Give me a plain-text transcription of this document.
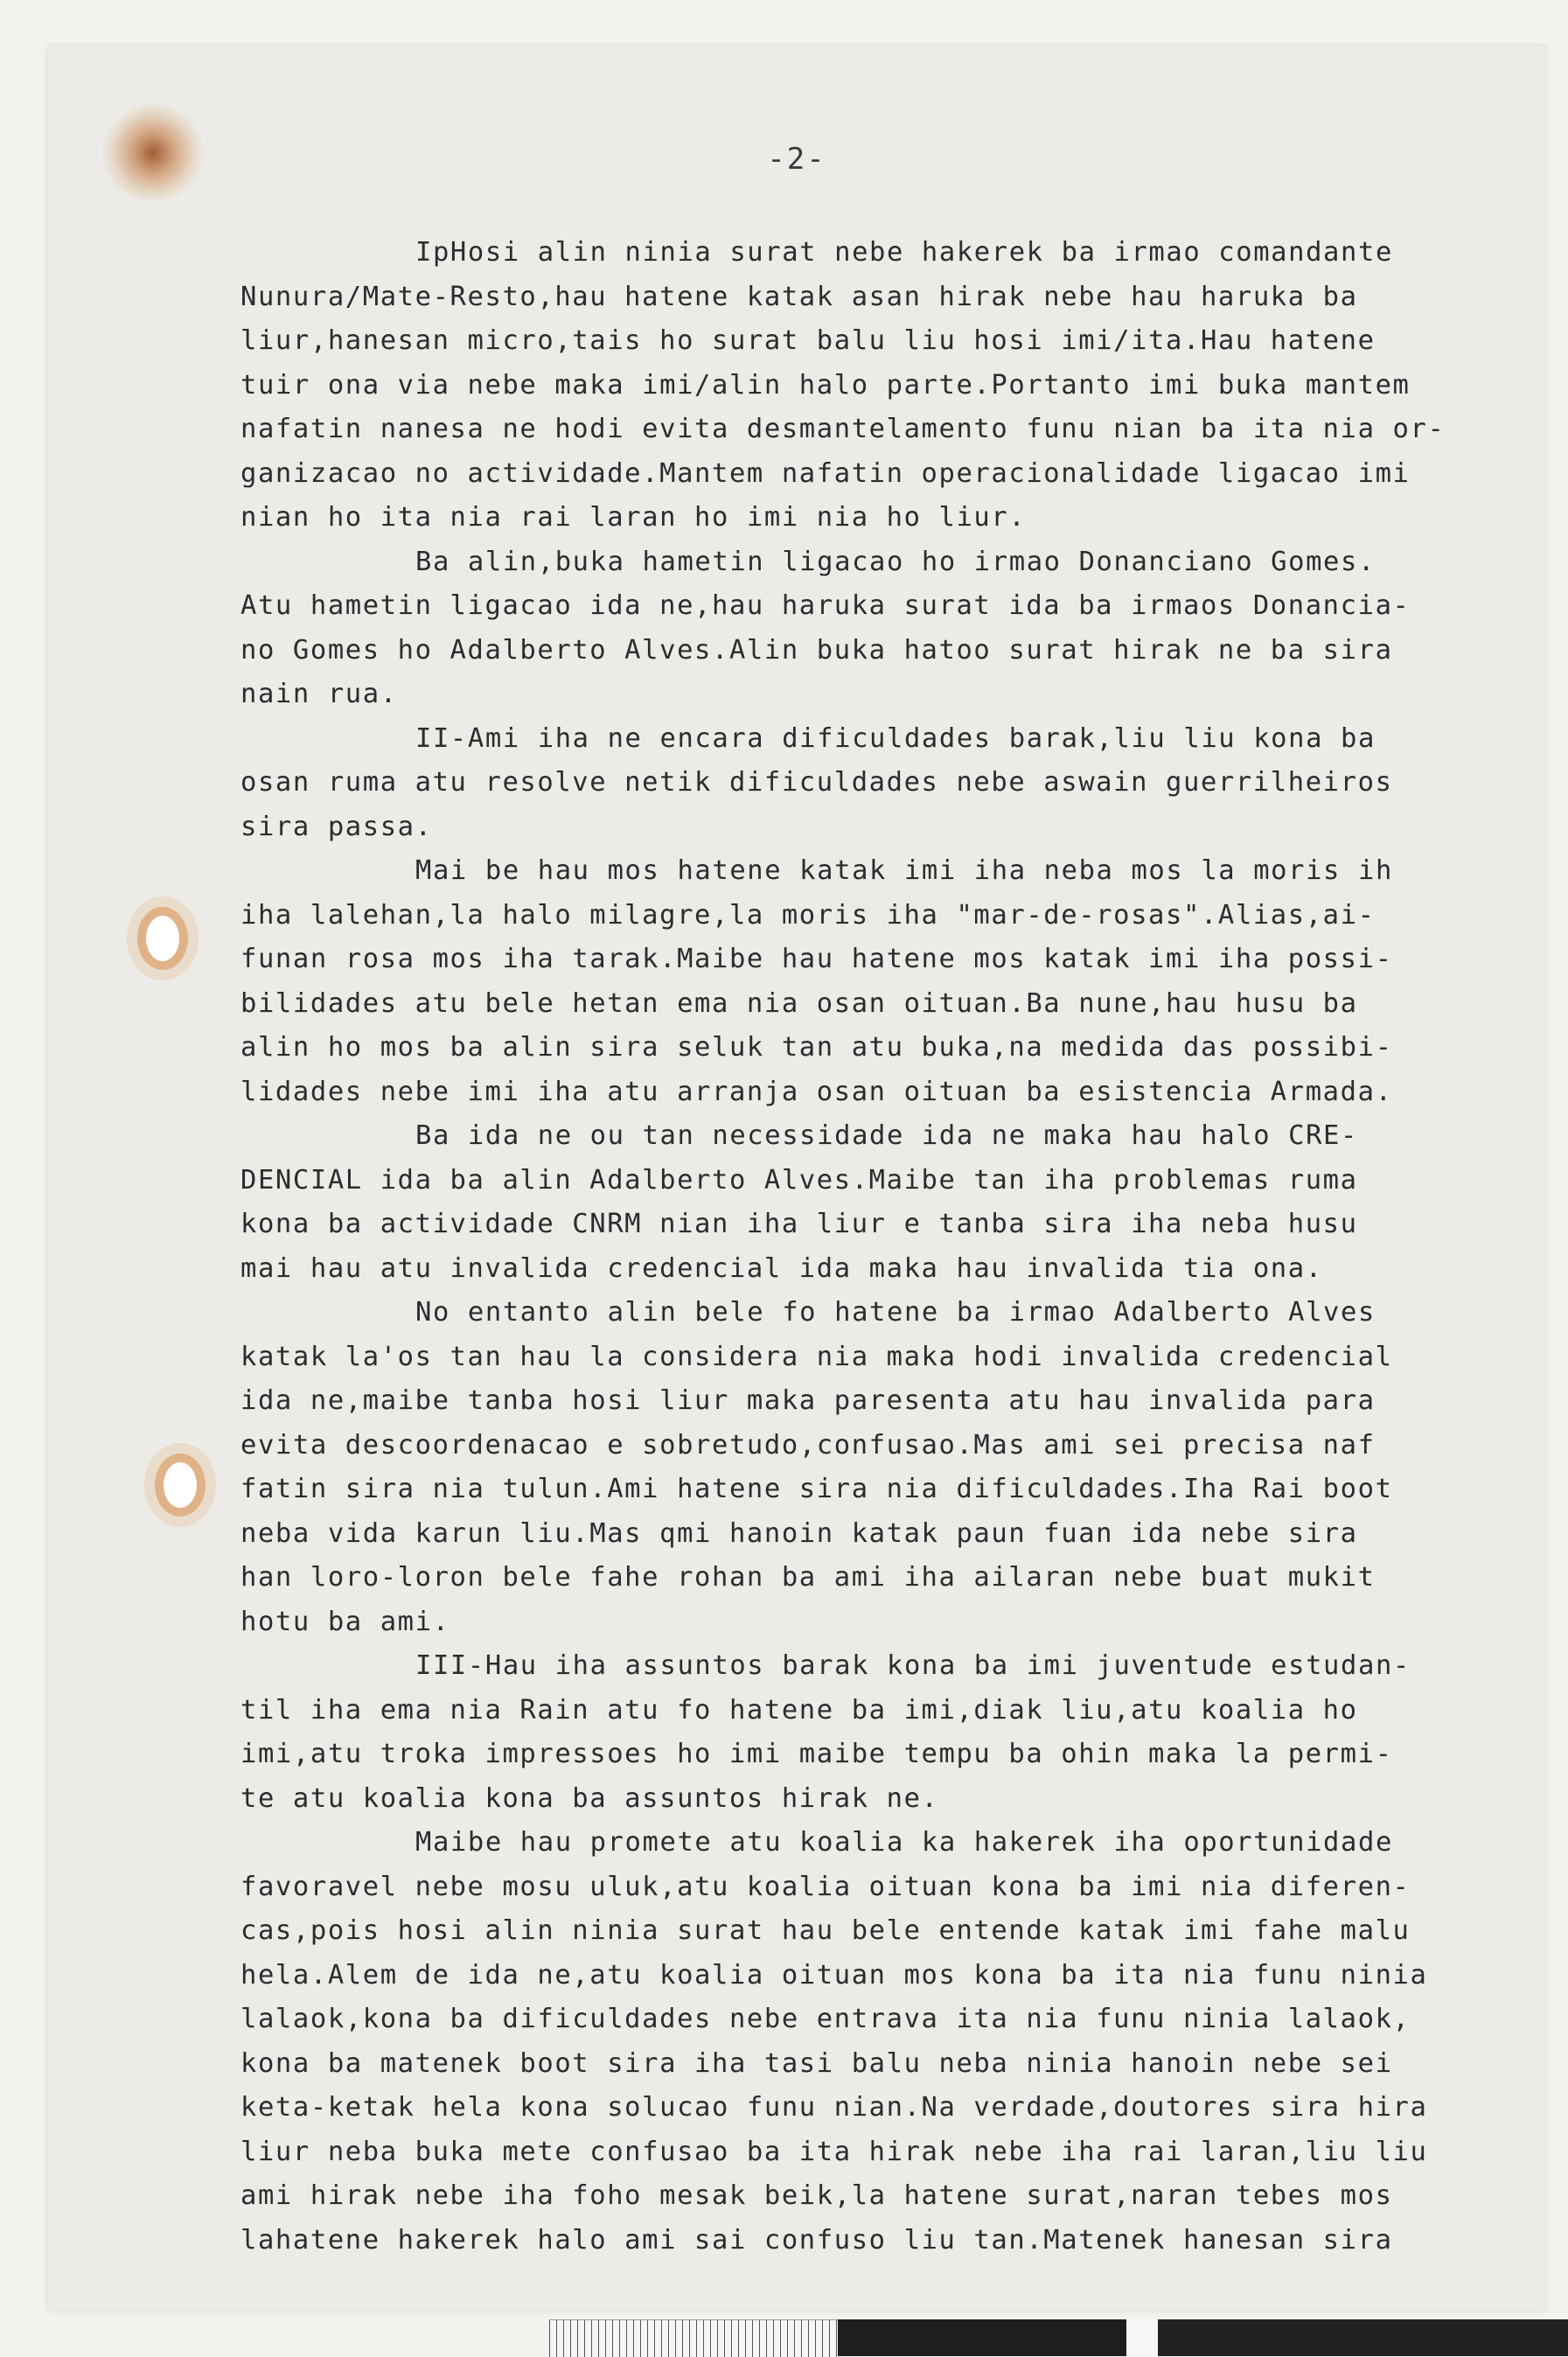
-2-
IpHosi alin ninia surat nebe hakerek ba irmao comandante
Nunura/Mate-Resto,hau hatene katak asan hirak nebe hau haruka ba
liur,hanesan micro,tais ho surat balu liu hosi imi/ita.Hau hatene
tuir ona via nebe maka imi/alin halo parte.Portanto imi buka mantem
nafatin nanesa ne hodi evita desmantelamento funu nian ba ita nia or-
ganizacao no actividade.Mantem nafatin operacionalidade ligacao imi
nian ho ita nia rai laran ho imi nia ho liur.
Ba alin,buka hametin ligacao ho irmao Donanciano Gomes.
Atu hametin ligacao ida ne,hau haruka surat ida ba irmaos Donancia-
no Gomes ho Adalberto Alves.Alin buka hatoo surat hirak ne ba sira
nain rua.
II-Ami iha ne encara dificuldades barak,liu liu kona ba
osan ruma atu resolve netik dificuldades nebe aswain guerrilheiros
sira passa.
Mai be hau mos hatene katak imi iha neba mos la moris ih
iha lalehan,la halo milagre,la moris iha "mar-de-rosas".Alias,ai-
funan rosa mos iha tarak.Maibe hau hatene mos katak imi iha possi-
bilidades atu bele hetan ema nia osan oituan.Ba nune,hau husu ba
alin ho mos ba alin sira seluk tan atu buka,na medida das possibi-
lidades nebe imi iha atu arranja osan oituan ba esistencia Armada.
Ba ida ne ou tan necessidade ida ne maka hau halo CRE-
DENCIAL ida ba alin Adalberto Alves.Maibe tan iha problemas ruma
kona ba actividade CNRM nian iha liur e tanba sira iha neba husu
mai hau atu invalida credencial ida maka hau invalida tia ona.
No entanto alin bele fo hatene ba irmao Adalberto Alves
katak la'os tan hau la considera nia maka hodi invalida credencial
ida ne,maibe tanba hosi liur maka paresenta atu hau invalida para
evita descoordenacao e sobretudo,confusao.Mas ami sei precisa naf
fatin sira nia tulun.Ami hatene sira nia dificuldades.Iha Rai boot
neba vida karun liu.Mas qmi hanoin katak paun fuan ida nebe sira
han loro-loron bele fahe rohan ba ami iha ailaran nebe buat mukit
hotu ba ami.
III-Hau iha assuntos barak kona ba imi juventude estudan-
til iha ema nia Rain atu fo hatene ba imi,diak liu,atu koalia ho
imi,atu troka impressoes ho imi maibe tempu ba ohin maka la permi-
te atu koalia kona ba assuntos hirak ne.
Maibe hau promete atu koalia ka hakerek iha oportunidade
favoravel nebe mosu uluk,atu koalia oituan kona ba imi nia diferen-
cas,pois hosi alin ninia surat hau bele entende katak imi fahe malu
hela.Alem de ida ne,atu koalia oituan mos kona ba ita nia funu ninia
lalaok,kona ba dificuldades nebe entrava ita nia funu ninia lalaok,
kona ba matenek boot sira iha tasi balu neba ninia hanoin nebe sei
keta-ketak hela kona solucao funu nian.Na verdade,doutores sira hira
liur neba buka mete confusao ba ita hirak nebe iha rai laran,liu liu
ami hirak nebe iha foho mesak beik,la hatene surat,naran tebes mos
lahatene hakerek halo ami sai confuso liu tan.Matenek hanesan sira
